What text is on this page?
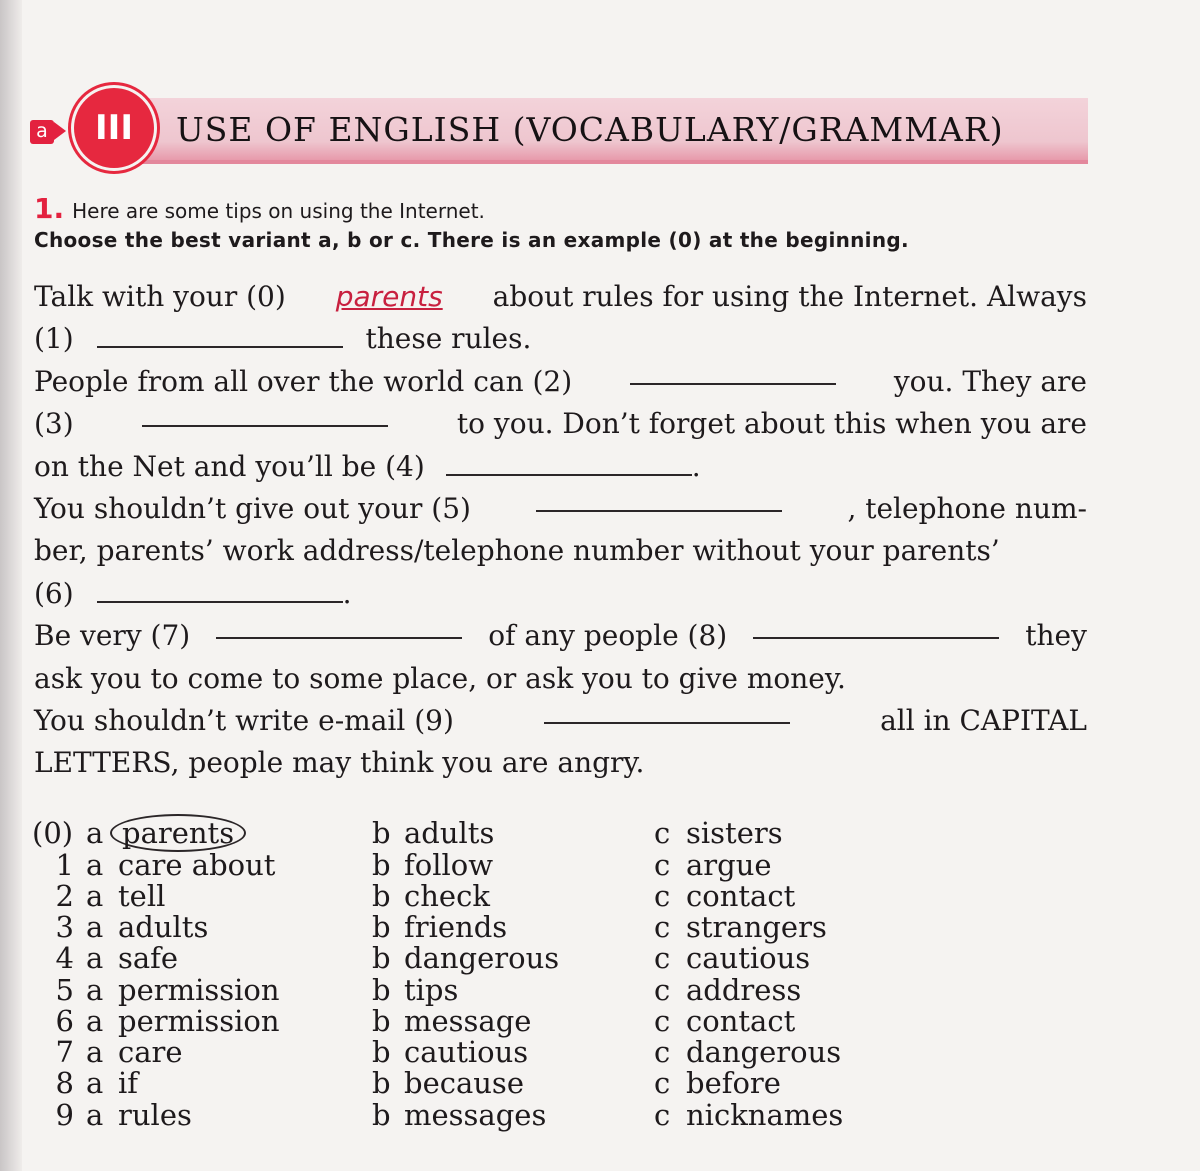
a	III	USE OF ENGLISH (VOCABULARY/GRAMMAR)
1. Here are some tips on using the Internet.
Choose the best variant a, b or c. There is an example (0) at the beginning.
Talk with your (0) parents about rules for using the Internet. Always
(1)	these rules.
People from all over the world can (2)	you. They are
(3)	to you. Don’t forget about this when you are
on the Net and you’ll be (4)	.
You shouldn’t give out your (5)	, telephone num-
ber, parents’ work address/telephone number without your parents’
(6)	.
Be very (7)	of any people (8)	they
ask you to come to some place, or ask you to give money.
You shouldn’t write e-mail (9)	all in CAPITAL
LETTERS, people may think you are angry.
(0) a parents	b adults	c sisters
1 a care about	b follow	c argue
2 a tell	b check	c contact
3 a adults	b friends	c strangers
4 a safe	b dangerous	c cautious
5 a permission	b tips	c address
6 a permission	b message	c contact
7 a care	b cautious	c dangerous
8 a if	b because	c before
9 a rules	b messages	c nicknames
